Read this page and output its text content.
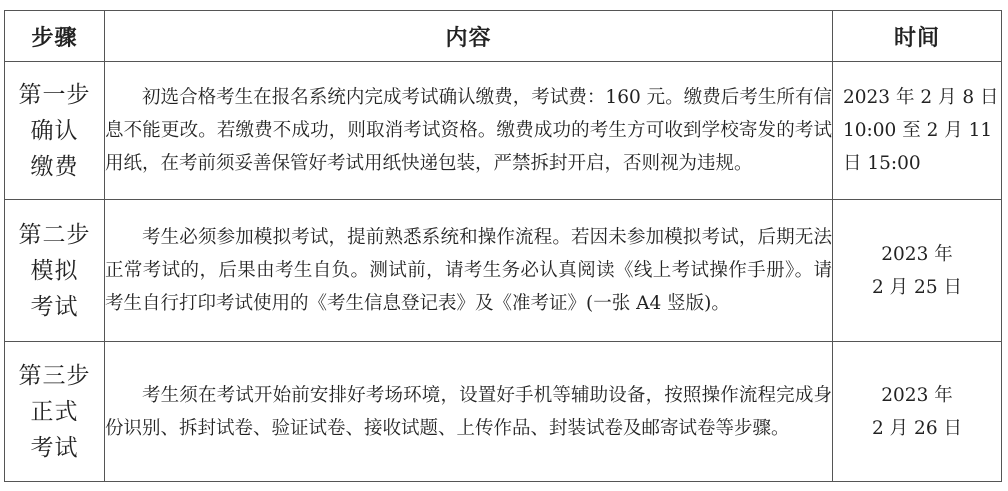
步骤	内容	时间

第一步
确认
缴费	初选合格考生在报名系统内完成考试确认缴费，考试费：160 元。缴费后考生所有信息不能更改。若缴费不成功，则取消考试资格。缴费成功的考生方可收到学校寄发的考试用纸，在考前须妥善保管好考试用纸快递包装，严禁拆封开启，否则视为违规。	2023 年 2 月 8 日
10:00 至 2 月 11
日 15:00

第二步
模拟
考试	考生必须参加模拟考试，提前熟悉系统和操作流程。若因未参加模拟考试，后期无法正常考试的，后果由考生自负。测试前，请考生务必认真阅读《线上考试操作手册》。请考生自行打印考试使用的《考生信息登记表》及《准考证》(一张 A4 竖版)。	2023 年
2 月 25 日

第三步
正式
考试	考生须在考试开始前安排好考场环境，设置好手机等辅助设备，按照操作流程完成身份识别、拆封试卷、验证试卷、接收试题、上传作品、封装试卷及邮寄试卷等步骤。	2023 年
2 月 26 日
